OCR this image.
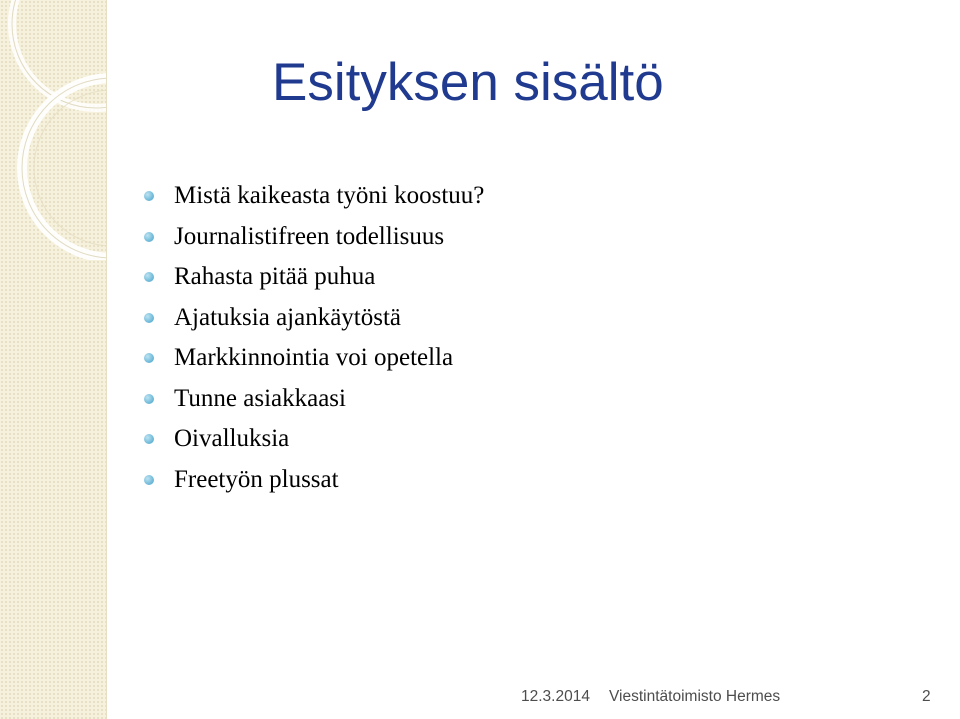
Esityksen sisältö
Mistä kaikeasta työni koostuu?
Journalistifreen todellisuus
Rahasta pitää puhua
Ajatuksia ajankäytöstä
Markkinnointia voi opetella
Tunne asiakkaasi
Oivalluksia
Freetyön plussat
12.3.2014 Viestintätoimisto Hermes	2
